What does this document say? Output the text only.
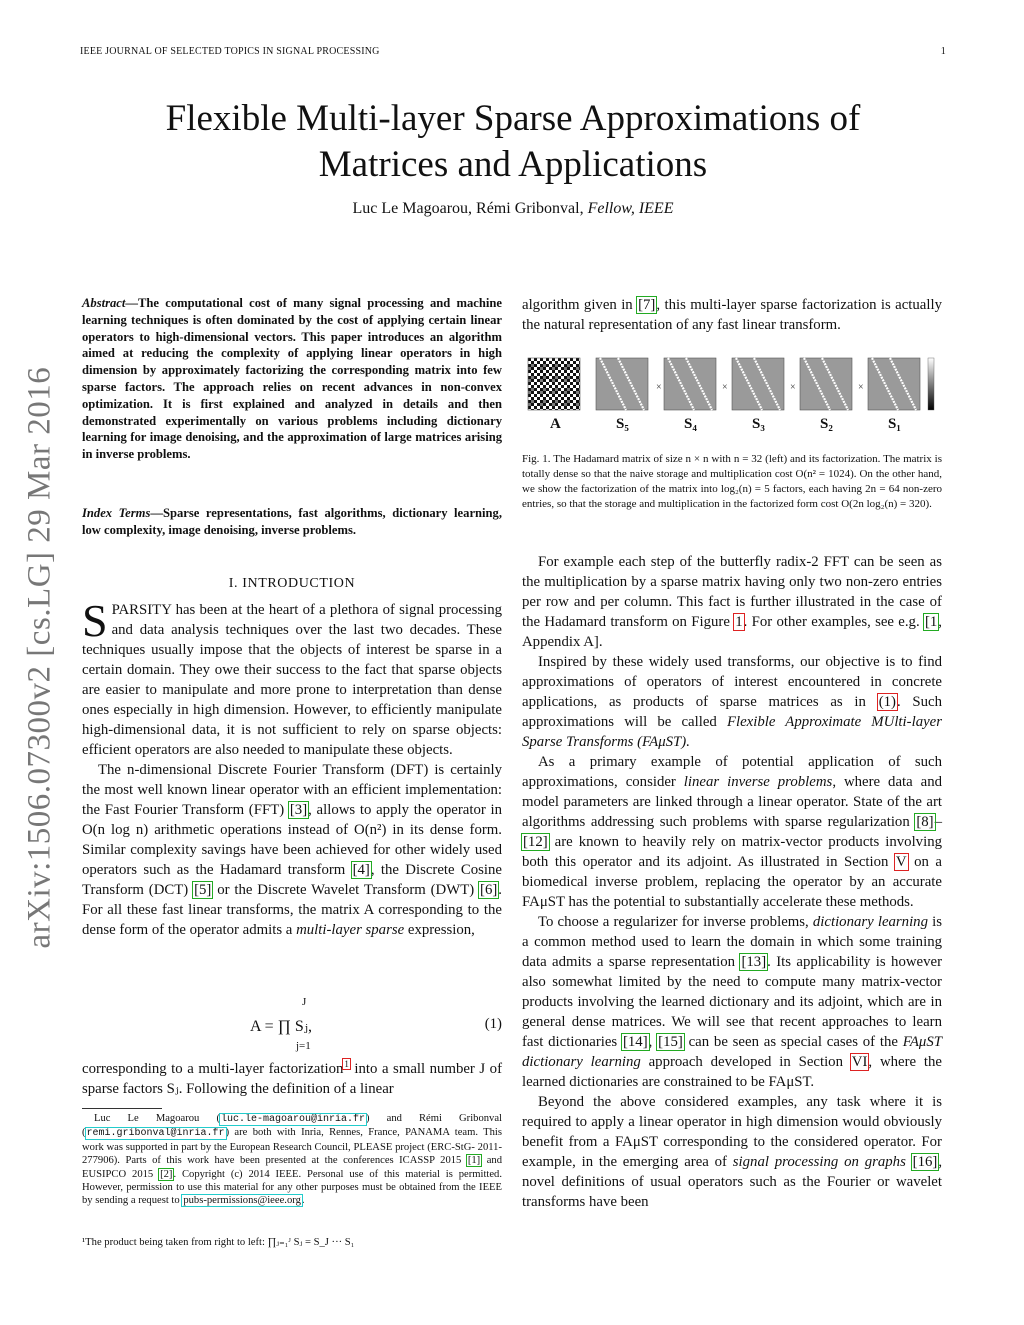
IEEE JOURNAL OF SELECTED TOPICS IN SIGNAL PROCESSING	1
Flexible Multi-layer Sparse Approximations of
Matrices and Applications
Luc Le Magoarou, Rémi Gribonval, Fellow, IEEE
arXiv:1506.07300v2 [cs.LG] 29 Mar 2016
Abstract—The computational cost of many signal processing and machine learning techniques is often dominated by the cost of applying certain linear operators to high-dimensional vectors. This paper introduces an algorithm aimed at reducing the complexity of applying linear operators in high dimension by approximately factorizing the corresponding matrix into few sparse factors. The approach relies on recent advances in non-convex optimization. It is first explained and analyzed in details and then demonstrated experimentally on various problems including dictionary learning for image denoising, and the approximation of large matrices arising in inverse problems.
Index Terms—Sparse representations, fast algorithms, dictionary learning, low complexity, image denoising, inverse problems.
I. INTRODUCTION

SPARSITY has been at the heart of a plethora of signal processing and data analysis techniques over the last two decades. These techniques usually impose that the objects of interest be sparse in a certain domain. They owe their success to the fact that sparse objects are easier to manipulate and more prone to interpretation than dense ones especially in high dimension. However, to efficiently manipulate high-dimensional data, it is not sufficient to rely on sparse objects: efficient operators are also needed to manipulate these objects.

The n-dimensional Discrete Fourier Transform (DFT) is certainly the most well known linear operator with an efficient implementation: the Fast Fourier Transform (FFT) [3], allows to apply the operator in O(n log n) arithmetic operations instead of O(n²) in its dense form. Similar complexity savings have been achieved for other widely used operators such as the Hadamard transform [4], the Discrete Cosine Transform (DCT) [5] or the Discrete Wavelet Transform (DWT) [6]. For all these fast linear transforms, the matrix A corresponding to the dense form of the operator admits a multi-layer sparse expression,

J
A = ∏ Sⱼ,
j=1
(1)
corresponding to a multi-layer factorization$^1$ into a small number J of sparse factors Sⱼ. Following the definition of a linear
Luc Le Magoarou (luc.le-magoarou@inria.fr) and Rémi Gribonval (remi.gribonval@inria.fr) are both with Inria, Rennes, France, PANAMA team. This work was supported in part by the European Research Council, PLEASE project (ERC-StG- 2011-277906). Parts of this work have been presented at the conferences ICASSP 2015 [1] and EUSIPCO 2015 [2]. Copyright (c) 2014 IEEE. Personal use of this material is permitted. However, permission to use this material for any other purposes must be obtained from the IEEE by sending a request to pubs-permissions@ieee.org.
¹The product being taken from right to left: ∏ⱼ₌₁ᴶ Sⱼ = S_J ··· S₁
algorithm given in [7], this multi-layer sparse factorization is actually the natural representation of any fast linear transform.
×	×	×	×
A	S₅	S₄	S₃	S₂	S₁
Fig. 1. The Hadamard matrix of size n × n with n = 32 (left) and its factorization. The matrix is totally dense so that the naive storage and multiplication cost O(n² = 1024). On the other hand, we show the factorization of the matrix into log₂(n) = 5 factors, each having 2n = 64 non-zero entries, so that the storage and multiplication in the factorized form cost O(2n log₂(n) = 320).

For example each step of the butterfly radix-2 FFT can be seen as the multiplication by a sparse matrix having only two non-zero entries per row and per column. This fact is further illustrated in the case of the Hadamard transform on Figure 1. For other examples, see e.g. [1, Appendix A].

Inspired by these widely used transforms, our objective is to find approximations of operators of interest encountered in concrete applications, as products of sparse matrices as in (1). Such approximations will be called Flexible Approximate MUlti-layer Sparse Transforms (FAμST).

As a primary example of potential application of such approximations, consider linear inverse problems, where data and model parameters are linked through a linear operator. State of the art algorithms addressing such problems with sparse regularization [8]–[12] are known to heavily rely on matrix-vector products involving both this operator and its adjoint. As illustrated in Section V on a biomedical inverse problem, replacing the operator by an accurate FAμST has the potential to substantially accelerate these methods.

To choose a regularizer for inverse problems, dictionary learning is a common method used to learn the domain in which some training data admits a sparse representation [13]. Its applicability is however also somewhat limited by the need to compute many matrix-vector products involving the learned dictionary and its adjoint, which are in general dense matrices. We will see that recent approaches to learn fast dictionaries [14], [15] can be seen as special cases of the FAμST dictionary learning approach developed in Section VI, where the learned dictionaries are constrained to be FAμST.

Beyond the above considered examples, any task where it is required to apply a linear operator in high dimension would obviously benefit from a FAμST corresponding to the considered operator. For example, in the emerging area of signal processing on graphs [16], novel definitions of usual operators such as the Fourier or wavelet transforms have been
